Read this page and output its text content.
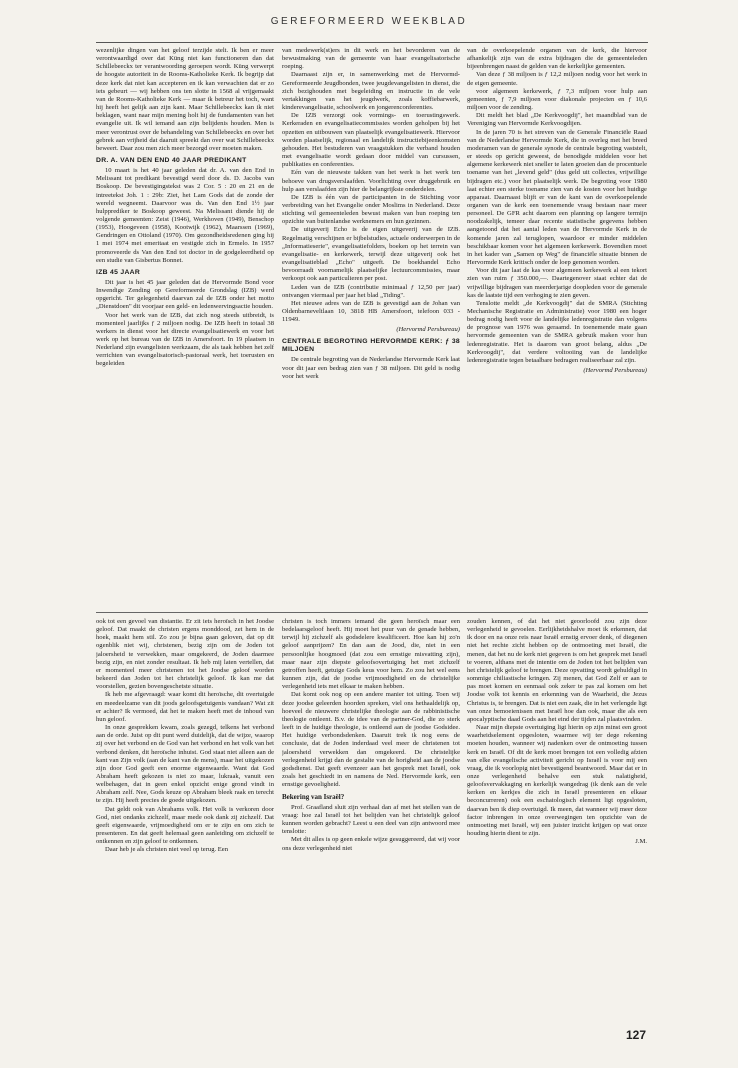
GEREFORMEERD WEEKBLAD

wezenlijke dingen van het geloof terzijde stelt. Ik ben er meer verontwaardigd over dat Küng niet kan functioneren dan dat Schillebeeckx ter verantwoording geroepen wordt. Küng verwerpt de hoogste autoriteit in de Rooms-Katholieke Kerk. Ik begrijp dat deze kerk dat niet kan accepteren en ik kan verwachten dat er zo iets gebeurt — wij hebben ons ten slotte in 1568 al vrijgemaakt van de Rooms-Katholieke Kerk — maar ik betreur het toch, want hij heeft het gelijk aan zijn kant. Maar Schillebeeckx kan ik niet beklagen, want naar mijn mening holt hij de fundamenten van het evangelie uit. Ik wil iemand aan zijn belijdenis houden. Men is meer verontrust over de behandeling van Schillebeeckx en over het gebrek aan vrijheid dat daaruit spreekt dan over wat Schillebeeckx beweert. Daar zou men zich meer bezorgd over moeten maken.

DR. A. VAN DEN END 40 JAAR PREDIKANT

10 maart is het 40 jaar geleden dat dr. A. van den End in Melissant tot predikant bevestigd werd door ds. D. Jacobs van Boskoop. De bevestigingstekst was 2 Cor. 5 : 20 en 21 en de intreetekst Joh. 1 : 29b: Ziet, het Lam Gods dat de zonde der wereld wegneemt. Daarvoor was ds. Van den End 1½ jaar hulpprediker te Boskoop geweest. Na Melissant diende hij de volgende gemeenten: Zeist (1946), Werkhoven (1949), Benschop (1953), Hoogeveen (1958), Kootwijk (1962), Maarssen (1969), Gendringen en Ottoland (1970). Om gezondheidsredenen ging hij 1 mei 1974 met emeritaat en vestigde zich in Ermelo. In 1957 promoveerde ds Van den End tot doctor in de godgeleerdheid op een studie van Gisbertus Bonnet.

IZB 45 JAAR

Dit jaar is het 45 jaar geleden dat de Hervormde Bond voor Inwendige Zending op Gereformeerde Grondslag (IZB) werd opgericht. Ter gelegenheid daarvan zal de IZB onder het motto „Dienstdoen" dit voorjaar een geld- en ledenwervingsactie houden.

Voor het werk van de IZB, dat zich nog steeds uitbreidt, is momenteel jaarlijks ƒ 2 miljoen nodig. De IZB heeft in totaal 38 werkers in dienst voor het directe evangelisatiewerk en voor het werk op het bureau van de IZB in Amersfoort. In 19 plaatsen in Nederland zijn evangelisten werkzaam, die als taak hebben het zelf verrichten van evangelisatorisch-pastoraal werk, het toerusten en begeleiden

van medewerk(st)ers in dit werk en het bevorderen van de bewustmaking van de gemeente van haar evangelisatorische roeping.

Daarnaast zijn er, in samenwerking met de Hervormd-Gereformeerde Jeugdbonden, twee jeugdevangelisten in dienst, die zich bezighouden met begeleiding en instructie in de vele vertakkingen van het jeugdwerk, zoals koffiebarwerk, kinderevangelisatie, schoolwerk en jongerenconferenties.

De IZB verzorgt ook vormings- en toerustingswerk. Kerkeraden en evangelisatiecommissies worden geholpen bij het opzetten en uitbouwen van plaatselijk evangelisatiewerk. Hiervoor worden plaatselijk, regionaal en landelijk instructiebijeenkomsten gehouden. Het bestuderen van vraagstukken die verband houden met evangelisatie wordt gedaan door middel van cursussen, publikaties en conferenties.

Eén van de nieuwste takken van het werk is het werk ten behoeve van drugsverslaafden. Voorlichting over druggebruik en hulp aan verslaafden zijn hier de belangrijkste onderdelen.

De IZB is één van de participanten in de Stichting voor verbreiding van het Evangelie onder Moslims in Nederland. Deze stichting wil gemeenteleden bewust maken van hun roeping ten opzichte van buitenlandse werknemers en hun gezinnen.

De uitgeverij Echo is de eigen uitgeverij van de IZB. Regelmatig verschijnen er bijbelstudies, actuele onderwerpen in de „Informatieserie", evangelisatiefolders, boeken op het terrein van evangelisatie- en kerkewerk, terwijl deze uitgeverij ook het evangelisatieblad „Echo" uitgeeft. De boekhandel Echo bevoorraadt voornamelijk plaatselijke lectuurcommissies, maar verkoopt ook aan particulieren per post.

Leden van de IZB (contributie minimaal ƒ 12,50 per jaar) ontvangen viermaal per jaar het blad „Tiding".

Het nieuwe adres van de IZB is gevestigd aan de Johan van Oldenbarneveltlaan 10, 3818 HB Amersfoort, telefoon 033 - 11949.

(Hervormd Persbureau)
CENTRALE BEGROTING HERVORMDE KERK: ƒ 38 MILJOEN

De centrale begroting van de Nederlandse Hervormde Kerk laat voor dit jaar een bedrag zien van ƒ 38 miljoen. Dit geld is nodig voor het werk

van de overkoepelende organen van de kerk, die hiervoor afhankelijk zijn van de extra bijdragen die de gemeenteleden bijeenbrengen naast de gelden van de kerkelijke gemeenten.

Van deze ƒ 38 miljoen is ƒ 12,2 miljoen nodig voor het werk in de eigen gemeente.

voor algemeen kerkewerk, ƒ 7,3 miljoen voor hulp aan gemeenten, ƒ 7,9 miljoen voor diakonale projecten en ƒ 10,6 miljoen voor de zending.

Dit meldt het blad „De Kerkvoogdij", het maandblad van de Vereniging van Hervormde Kerkvoogdijen.

In de jaren 70 is het streven van de Generale Financiële Raad van de Nederlandse Hervormde Kerk, die in overleg met het breed moderamen van de generale synode de centrale begroting vaststelt, er steeds op gericht geweest, de benodigde middelen voor het algemene kerkewerk niet sneller te laten groeien dan de procentuele toename van het „levend geld" (dus geld uit collectes, vrijwillige bijdragen etc.) voor het plaatselijk werk. De begroting voor 1980 laat echter een sterke toename zien van de kosten voor het huidige apparaat. Daarnaast blijft er van de kant van de overkoepelende organen van de kerk een toenemende vraag bestaan naar meer personeel. De GFR acht daarom een planning op langere termijn noodzakelijk, temeer daar recente statistische gegevens hebben aangetoond dat het aantal leden van de Hervormde Kerk in de komende jaren zal teruglopen, waardoor er minder middelen beschikbaar komen voor het algemeen kerkewerk. Bovendien moet in het kader van „Samen op Weg" de financiële situatie binnen de Hervormde Kerk kritisch onder de loep genomen worden.

Voor dit jaar laat de kas voor algemeen kerkewerk al een tekort zien van ruim ƒ 350.000,—. Daartegenover staat echter dat de vrijwillige bijdragen van meerderjarige doopleden voor de generale kas de laatste tijd een verhoging te zien geven.

Tenslotte meldt „de Kerkvoogdij" dat de SMRA (Stichting Mechanische Registratie en Administratie) voor 1980 een hoger bedrag nodig heeft voor de landelijke ledenregistratie dan volgens de prognose van 1976 was geraamd. In toenemende mate gaan hervormde gemeenten van de SMRA gebruik maken voor hun ledenregistratie. Het is daarom van groot belang, aldus „De Kerkvoogdij", dat verdere voltooiing van de landelijke ledenregistratie tegen betaalbare bedragen realiseerbaar zal zijn.

(Hervormd Persbureau)

ook tot een gevoel van distantie. Er zit iets heroïsch in het Joodse geloof. Dat maakt de christen ergens monddood, zet hem in de hoek, maakt hem stil. Zo zou je bijna gaan geloven, dat op dit ogenblik niet wij, christenen, bezig zijn om de Joden tot jaloersheid te verwekken, maar omgekeerd, de Joden daarmee bezig zijn, en niet zonder resultaat. Ik heb mij laten vertellen, dat er momenteel meer christenen tot het Joodse geloof worden bekeerd dan Joden tot het christelijk geloof. Ik kan me dat voorstellen, gezien bovengeschetste situatie.

Ik heb me afgevraagd: waar komt dit heroïsche, dit overtuigde en meedeelzame van dit joods geloofsgetuigenis vandaan? Wat zit er achter? Ik vermoed, dat het te maken heeft met de inhoud van hun geloof.

In onze gesprekken kwam, zoals gezegd, telkens het verbond aan de orde. Juist op dit punt werd duidelijk, dat de wijze, waarop zij over het verbond en de God van het verbond en het volk van het verbond denken, dit heroïsche inhuist. God staat niet alleen aan de kant van Zijn volk (aan de kant van de mens), maar het uitgekozen zijn door God geeft een enorme eigenwaarde. Want dat God Abraham heeft gekozen is niet zo maar, lukraak, vanuit een welbehagen, dat in geen enkel opzicht enige grond vindt in Abraham zelf. Nee, Gods keuze op Abraham bleek raak en terecht te zijn. Hij heeft precies de goede uitgekozen.

Dat geldt ook van Abrahams volk. Het volk is verkoren door God, niet ondanks zichzelf, maar mede ook dank zij zichzelf. Dat geeft eigenwaarde, vrijmoedigheid om er te zijn en om zich te presenteren. En dat geeft helemaal geen aanleiding om zichzelf te ontkennen en zijn geloof te ontkennen.

Daar heb je als christen niet veel op terug. Een

christen is toch immers iemand die geen heroïsch maar een bedelaarsgeloof heeft. Hij moet het puur van de genade hebben, terwijl hij zichzelf als godsdelere kwalificeert. Hoe kan hij zo'n geloof aanprijzen? En dan aan de Jood, die, niet in een persoonlijke hoogmoed (dat zou een ernstige misvatting zijn), maar naar zijn diepste geloofsovertuiging het met zichzelf getroffen heeft, getuige Gods keus voor hem. Zo zou het wel eens kunnen zijn, dat de joodse vrijmoedigheid en de christelijke verlegenheid iets met elkaar te maken hebben.

Dat komt ook nog op een andere manier tot uiting. Toen wij deze joodse geleerden hoorden spreken, viel ons hethaaldelijk op, hoeveel de nieuwere christelijke theologie aan de rabbinistische theologie ontleent. B.v. de idee van de partner-God, die zo sterk leeft in de huidige theologie, is ontleend aan de joodse Godsidee. Het huidige verbondsdenken. Daaruit trek ik nog eens de conclusie, dat de Joden inderdaad veel meer de christenen tot jaloersheid verwekken dan omgekeerd. De christelijke verlegenheid krijgt dan de gestalte van de horigheid aan de joodse godsdienst. Dat geeft evenzeer aan het gesprek met Israël, ook zoals het geschiedt in en namens de Ned. Hervormde kerk, een ernstige gevoeligheid.

Bekering van Israël?

Prof. Graafland sluit zijn verhaal dan af met het stellen van de vraag: hoe zal Israël tot het belijden van het christelijk geloof kunnen worden gebracht? Leest u een deel van zijn antwoord mee tenslotte:

Met dit alles is op geen enkele wijze gesuggereerd, dat wij voor ons deze verlegenheid niet

zouden kennen, of dat het niet geoorloofd zou zijn deze verlegenheid te gevoelen. Eerlijkheidshalve moet ik erkennen, dat ik door en na onze reis naar Israël ernstig ervoer denk, of diegenen niet het rechte zicht hebben op de ontmoeting met Israël, die menen, dat het nu de kerk niet gegeven is om het gesprek met Israël te voeren, althans met de intentie om de Joden tot het belijden van het christelijk geloof te brengen. Deze opvatting wordt gehuldigd in sommige chiliastische kringen. Zij menen, dat God Zelf er aan te pas moet komen en eenmaal ook zeker te pas zal komen om het Joodse volk tot kennis en erkenning van de Waarheid, die Jezus Christus is, te brengen. Dat is niet een zaak, die in het verlengde ligt van onze bemoeienissen met Israël hoe dan ook, maar die als een apocalyptische daad Gods aan het eind der tijden zal plaatsvinden.

Naar mijn diepste overtuiging ligt hierin op zijn minst een groot waarheidselement opgesloten, waarmee wij ter dege rekening moeten houden, wanneer wij nadenken over de ontmoeting tussen kerk en Israël. Of dit de kerk moet brengen tot een volledig afzien van elke evangelische activiteit gericht op Israël is voor mij een vraag, die ik voorlopig niet bevestigend beantwoord. Maar dat er in onze verlegenheid behalve een stuk nalatigheid, geloofsvervakkaging en kerkelijk wangedrag (ik denk aan de vele kerken en kerkjes die zich in Israël presenteren en elkaar beconcurreren) ook een eschatologisch element ligt opgesloten, daarvan ben ik diep overtuigd. Ik meen, dat wanneer wij meer deze factor inbrengen in onze overwegingen ten opzichte van de ontmoeting met Israël, wij een juister inzicht krijgen op wat onze houding hierin dient te zijn.

J.M.
127
